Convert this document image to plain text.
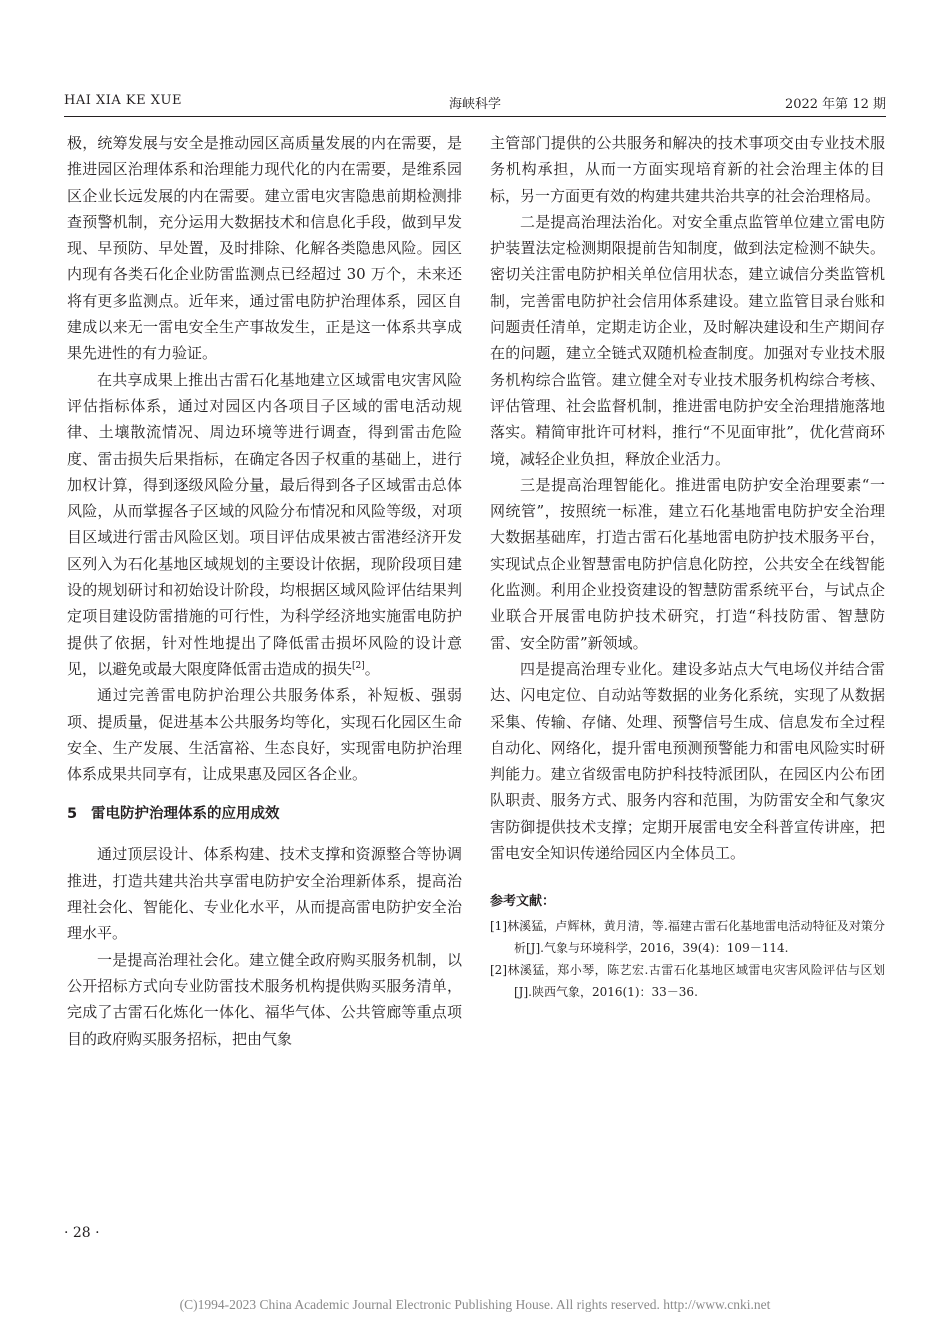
HAI XIA KE XUE	海峡科学	2022 年第 12 期

极，统筹发展与安全是推动园区高质量发展的内在需要，是推进园区治理体系和治理能力现代化的内在需要，是维系园区企业长远发展的内在需要。建立雷电灾害隐患前期检测排查预警机制，充分运用大数据技术和信息化手段，做到早发现、早预防、早处置，及时排除、化解各类隐患风险。园区内现有各类石化企业防雷监测点已经超过 30 万个，未来还将有更多监测点。近年来，通过雷电防护治理体系，园区自建成以来无一雷电安全生产事故发生，正是这一体系共享成果先进性的有力验证。

在共享成果上推出古雷石化基地建立区域雷电灾害风险评估指标体系，通过对园区内各项目子区域的雷电活动规律、土壤散流情况、周边环境等进行调查，得到雷击危险度、雷击损失后果指标，在确定各因子权重的基础上，进行加权计算，得到逐级风险分量，最后得到各子区域雷击总体风险，从而掌握各子区域的风险分布情况和风险等级，对项目区域进行雷击风险区划。项目评估成果被古雷港经济开发区列入为石化基地区域规划的主要设计依据，现阶段项目建设的规划研讨和初始设计阶段，均根据区域风险评估结果判定项目建设防雷措施的可行性，为科学经济地实施雷电防护提供了依据，针对性地提出了降低雷击损坏风险的设计意见，以避免或最大限度降低雷击造成的损失[2]。

通过完善雷电防护治理公共服务体系，补短板、强弱项、提质量，促进基本公共服务均等化，实现石化园区生命安全、生产发展、生活富裕、生态良好，实现雷电防护治理体系成果共同享有，让成果惠及园区各企业。

5 雷电防护治理体系的应用成效

通过顶层设计、体系构建、技术支撑和资源整合等协调推进，打造共建共治共享雷电防护安全治理新体系，提高治理社会化、智能化、专业化水平，从而提高雷电防护安全治理水平。

一是提高治理社会化。建立健全政府购买服务机制，以公开招标方式向专业防雷技术服务机构提供购买服务清单，完成了古雷石化炼化一体化、福华气体、公共管廊等重点项目的政府购买服务招标，把由气象

主管部门提供的公共服务和解决的技术事项交由专业技术服务机构承担，从而一方面实现培育新的社会治理主体的目标，另一方面更有效的构建共建共治共享的社会治理格局。

二是提高治理法治化。对安全重点监管单位建立雷电防护装置法定检测期限提前告知制度，做到法定检测不缺失。密切关注雷电防护相关单位信用状态，建立诚信分类监管机制，完善雷电防护社会信用体系建设。建立监管目录台账和问题责任清单，定期走访企业，及时解决建设和生产期间存在的问题，建立全链式双随机检查制度。加强对专业技术服务机构综合监管。建立健全对专业技术服务机构综合考核、评估管理、社会监督机制，推进雷电防护安全治理措施落地落实。精简审批许可材料，推行“不见面审批”，优化营商环境，减轻企业负担，释放企业活力。

三是提高治理智能化。推进雷电防护安全治理要素“一网统管”，按照统一标准，建立石化基地雷电防护安全治理大数据基础库，打造古雷石化基地雷电防护技术服务平台，实现试点企业智慧雷电防护信息化防控，公共安全在线智能化监测。利用企业投资建设的智慧防雷系统平台，与试点企业联合开展雷电防护技术研究，打造“科技防雷、智慧防雷、安全防雷”新领域。

四是提高治理专业化。建设多站点大气电场仪并结合雷达、闪电定位、自动站等数据的业务化系统，实现了从数据采集、传输、存储、处理、预警信号生成、信息发布全过程自动化、网络化，提升雷电预测预警能力和雷电风险实时研判能力。建立省级雷电防护科技特派团队，在园区内公布团队职责、服务方式、服务内容和范围，为防雷安全和气象灾害防御提供技术支撑；定期开展雷电安全科普宣传讲座，把雷电安全知识传递给园区内全体员工。

参考文献：

[1]林溪猛，卢辉林，黄月清，等.福建古雷石化基地雷电活动特征及对策分析[J].气象与环境科学，2016，39(4)：109－114.

[2]林溪猛，郑小琴，陈艺宏.古雷石化基地区域雷电灾害风险评估与区划[J].陕西气象，2016(1)：33－36.

· 28 ·
(C)1994-2023 China Academic Journal Electronic Publishing House. All rights reserved. http://www.cnki.net
